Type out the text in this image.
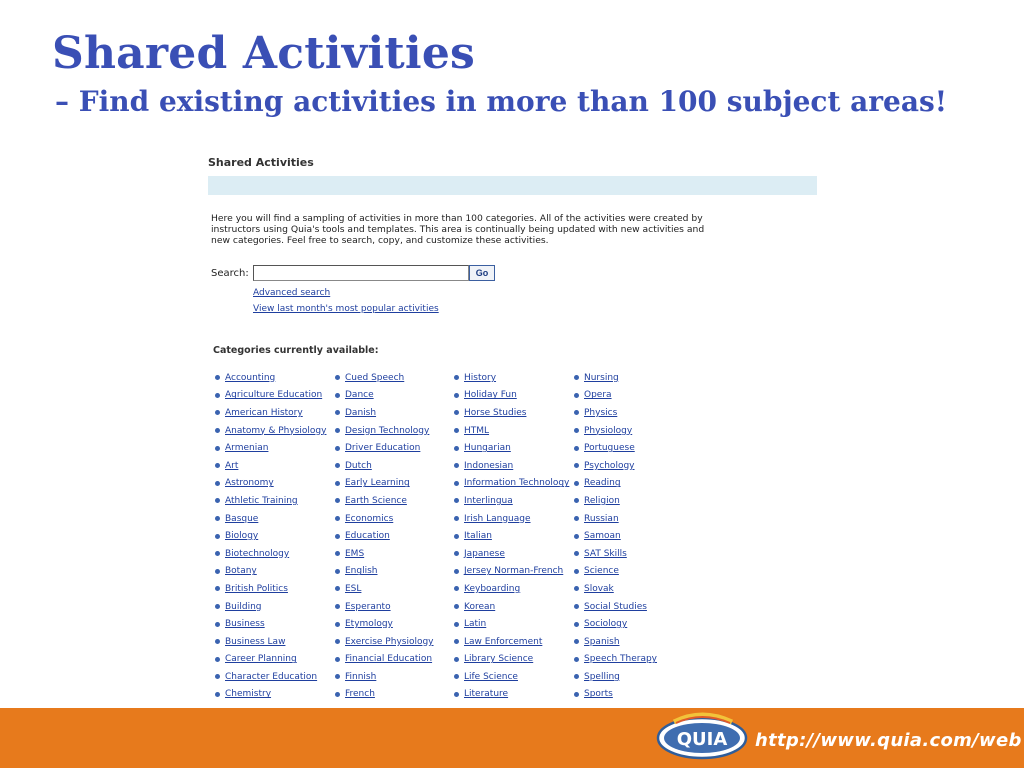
Shared Activities
– Find existing activities in more than 100 subject areas!
Shared Activities

Here you will find a sampling of activities in more than 100 categories. All of the activities were created by instructors using Quia's tools and templates. This area is continually being updated with new activities and new categories. Feel free to search, copy, and customize these activities.

Search:	Go
Advanced search
View last month's most popular activities
Categories currently available:
Accounting
Agriculture Education
American History
Anatomy & Physiology
Armenian
Art
Astronomy
Athletic Training
Basque
Biology
Biotechnology
Botany
British Politics
Building
Business
Business Law
Career Planning
Character Education
Chemistry
Cued Speech
Dance
Danish
Design Technology
Driver Education
Dutch
Early Learning
Earth Science
Economics
Education
EMS
English
ESL
Esperanto
Etymology
Exercise Physiology
Financial Education
Finnish
French
History
Holiday Fun
Horse Studies
HTML
Hungarian
Indonesian
Information Technology
Interlingua
Irish Language
Italian
Japanese
Jersey Norman-French
Keyboarding
Korean
Latin
Law Enforcement
Library Science
Life Science
Literature
Nursing
Opera
Physics
Physiology
Portuguese
Psychology
Reading
Religion
Russian
Samoan
SAT Skills
Science
Slovak
Social Studies
Sociology
Spanish
Speech Therapy
Spelling
Sports
QUIA http://www.quia.com/web
